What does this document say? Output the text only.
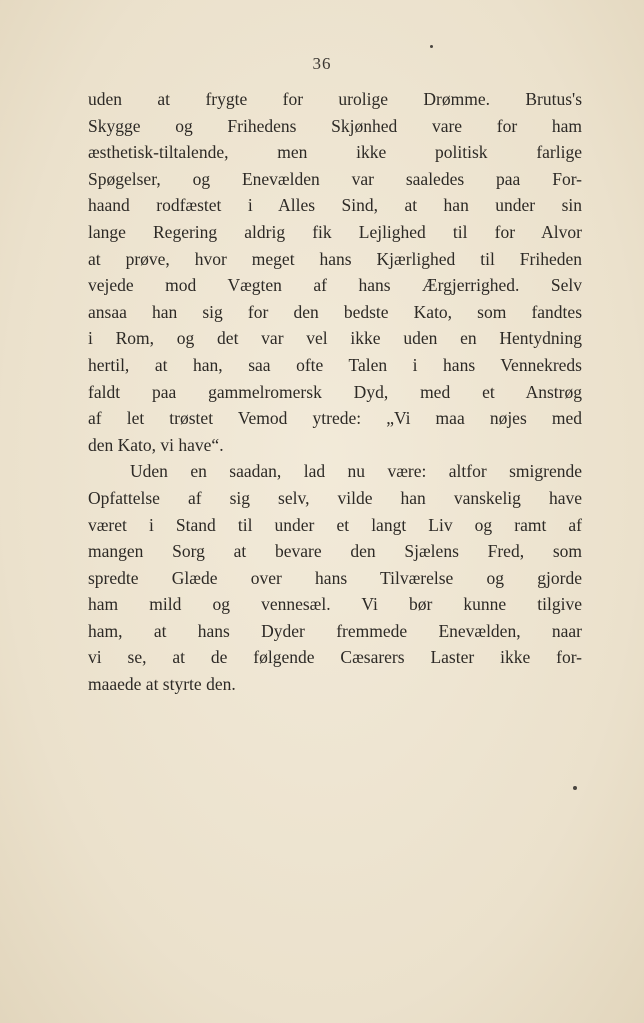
36
uden at frygte for urolige Drømme. Brutus's
Skygge og Frihedens Skjønhed vare for ham
æsthetisk-tiltalende, men ikke politisk farlige
Spøgelser, og Enevælden var saaledes paa For-
haand rodfæstet i Alles Sind, at han under sin
lange Regering aldrig fik Lejlighed til for Alvor
at prøve, hvor meget hans Kjærlighed til Friheden
vejede mod Vægten af hans Ærgjerrighed. Selv
ansaa han sig for den bedste Kato, som fandtes
i Rom, og det var vel ikke uden en Hentydning
hertil, at han, saa ofte Talen i hans Vennekreds
faldt paa gammelromersk Dyd, med et Anstrøg
af let trøstet Vemod ytrede: „Vi maa nøjes med
den Kato, vi have“.
Uden en saadan, lad nu være: altfor smigrende
Opfattelse af sig selv, vilde han vanskelig have
været i Stand til under et langt Liv og ramt af
mangen Sorg at bevare den Sjælens Fred, som
spredte Glæde over hans Tilværelse og gjorde
ham mild og vennesæl. Vi bør kunne tilgive
ham, at hans Dyder fremmede Enevælden, naar
vi se, at de følgende Cæsarers Laster ikke for-
maaede at styrte den.
